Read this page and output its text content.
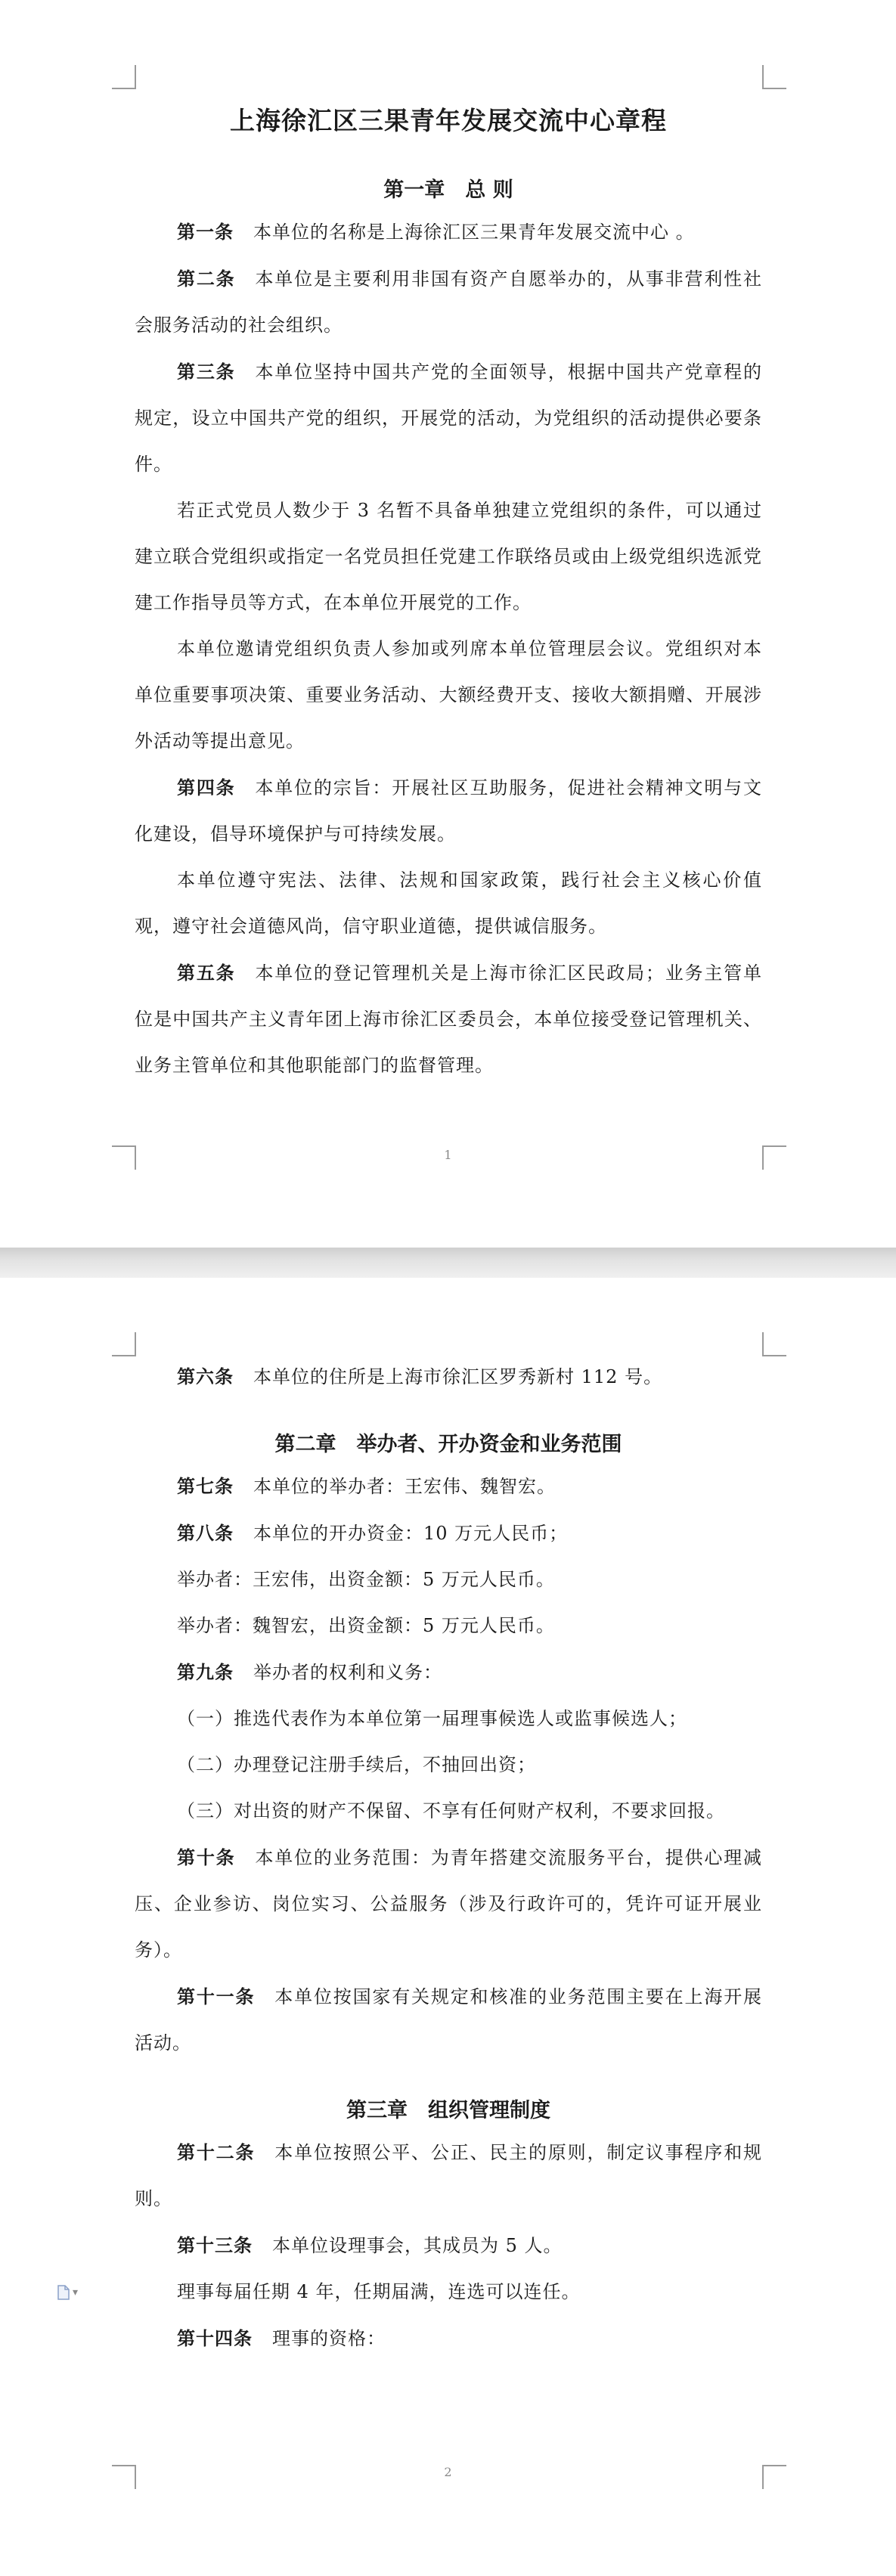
上海徐汇区三果青年发展交流中心章程
第一章　总 则

第一条 本单位的名称是上海徐汇区三果青年发展交流中心 。

第二条 本单位是主要利用非国有资产自愿举办的，从事非营利性社会服务活动的社会组织。

第三条 本单位坚持中国共产党的全面领导，根据中国共产党章程的规定，设立中国共产党的组织，开展党的活动，为党组织的活动提供必要条件。

若正式党员人数少于 3 名暂不具备单独建立党组织的条件，可以通过建立联合党组织或指定一名党员担任党建工作联络员或由上级党组织选派党建工作指导员等方式，在本单位开展党的工作。

本单位邀请党组织负责人参加或列席本单位管理层会议。党组织对本单位重要事项决策、重要业务活动、大额经费开支、接收大额捐赠、开展涉外活动等提出意见。

第四条 本单位的宗旨：开展社区互助服务，促进社会精神文明与文化建设，倡导环境保护与可持续发展。

本单位遵守宪法、法律、法规和国家政策，践行社会主义核心价值观，遵守社会道德风尚，信守职业道德，提供诚信服务。

第五条 本单位的登记管理机关是上海市徐汇区民政局；业务主管单位是中国共产主义青年团上海市徐汇区委员会，本单位接受登记管理机关、业务主管单位和其他职能部门的监督管理。

1
▾

第六条 本单位的住所是上海市徐汇区罗秀新村 112 号。

第二章　举办者、开办资金和业务范围

第七条 本单位的举办者：王宏伟、魏智宏。

第八条 本单位的开办资金：10 万元人民币；

举办者：王宏伟，出资金额：5 万元人民币。

举办者：魏智宏，出资金额：5 万元人民币。

第九条 举办者的权利和义务：

（一）推选代表作为本单位第一届理事候选人或监事候选人；

（二）办理登记注册手续后，不抽回出资；

（三）对出资的财产不保留、不享有任何财产权利，不要求回报。

第十条 本单位的业务范围：为青年搭建交流服务平台，提供心理减压、企业参访、岗位实习、公益服务（涉及行政许可的，凭许可证开展业务）。

第十一条 本单位按国家有关规定和核准的业务范围主要在上海开展活动。

第三章　组织管理制度

第十二条 本单位按照公平、公正、民主的原则，制定议事程序和规则。

第十三条 本单位设理事会，其成员为 5 人。

理事每届任期 4 年，任期届满，连选可以连任。

第十四条 理事的资格：

2
